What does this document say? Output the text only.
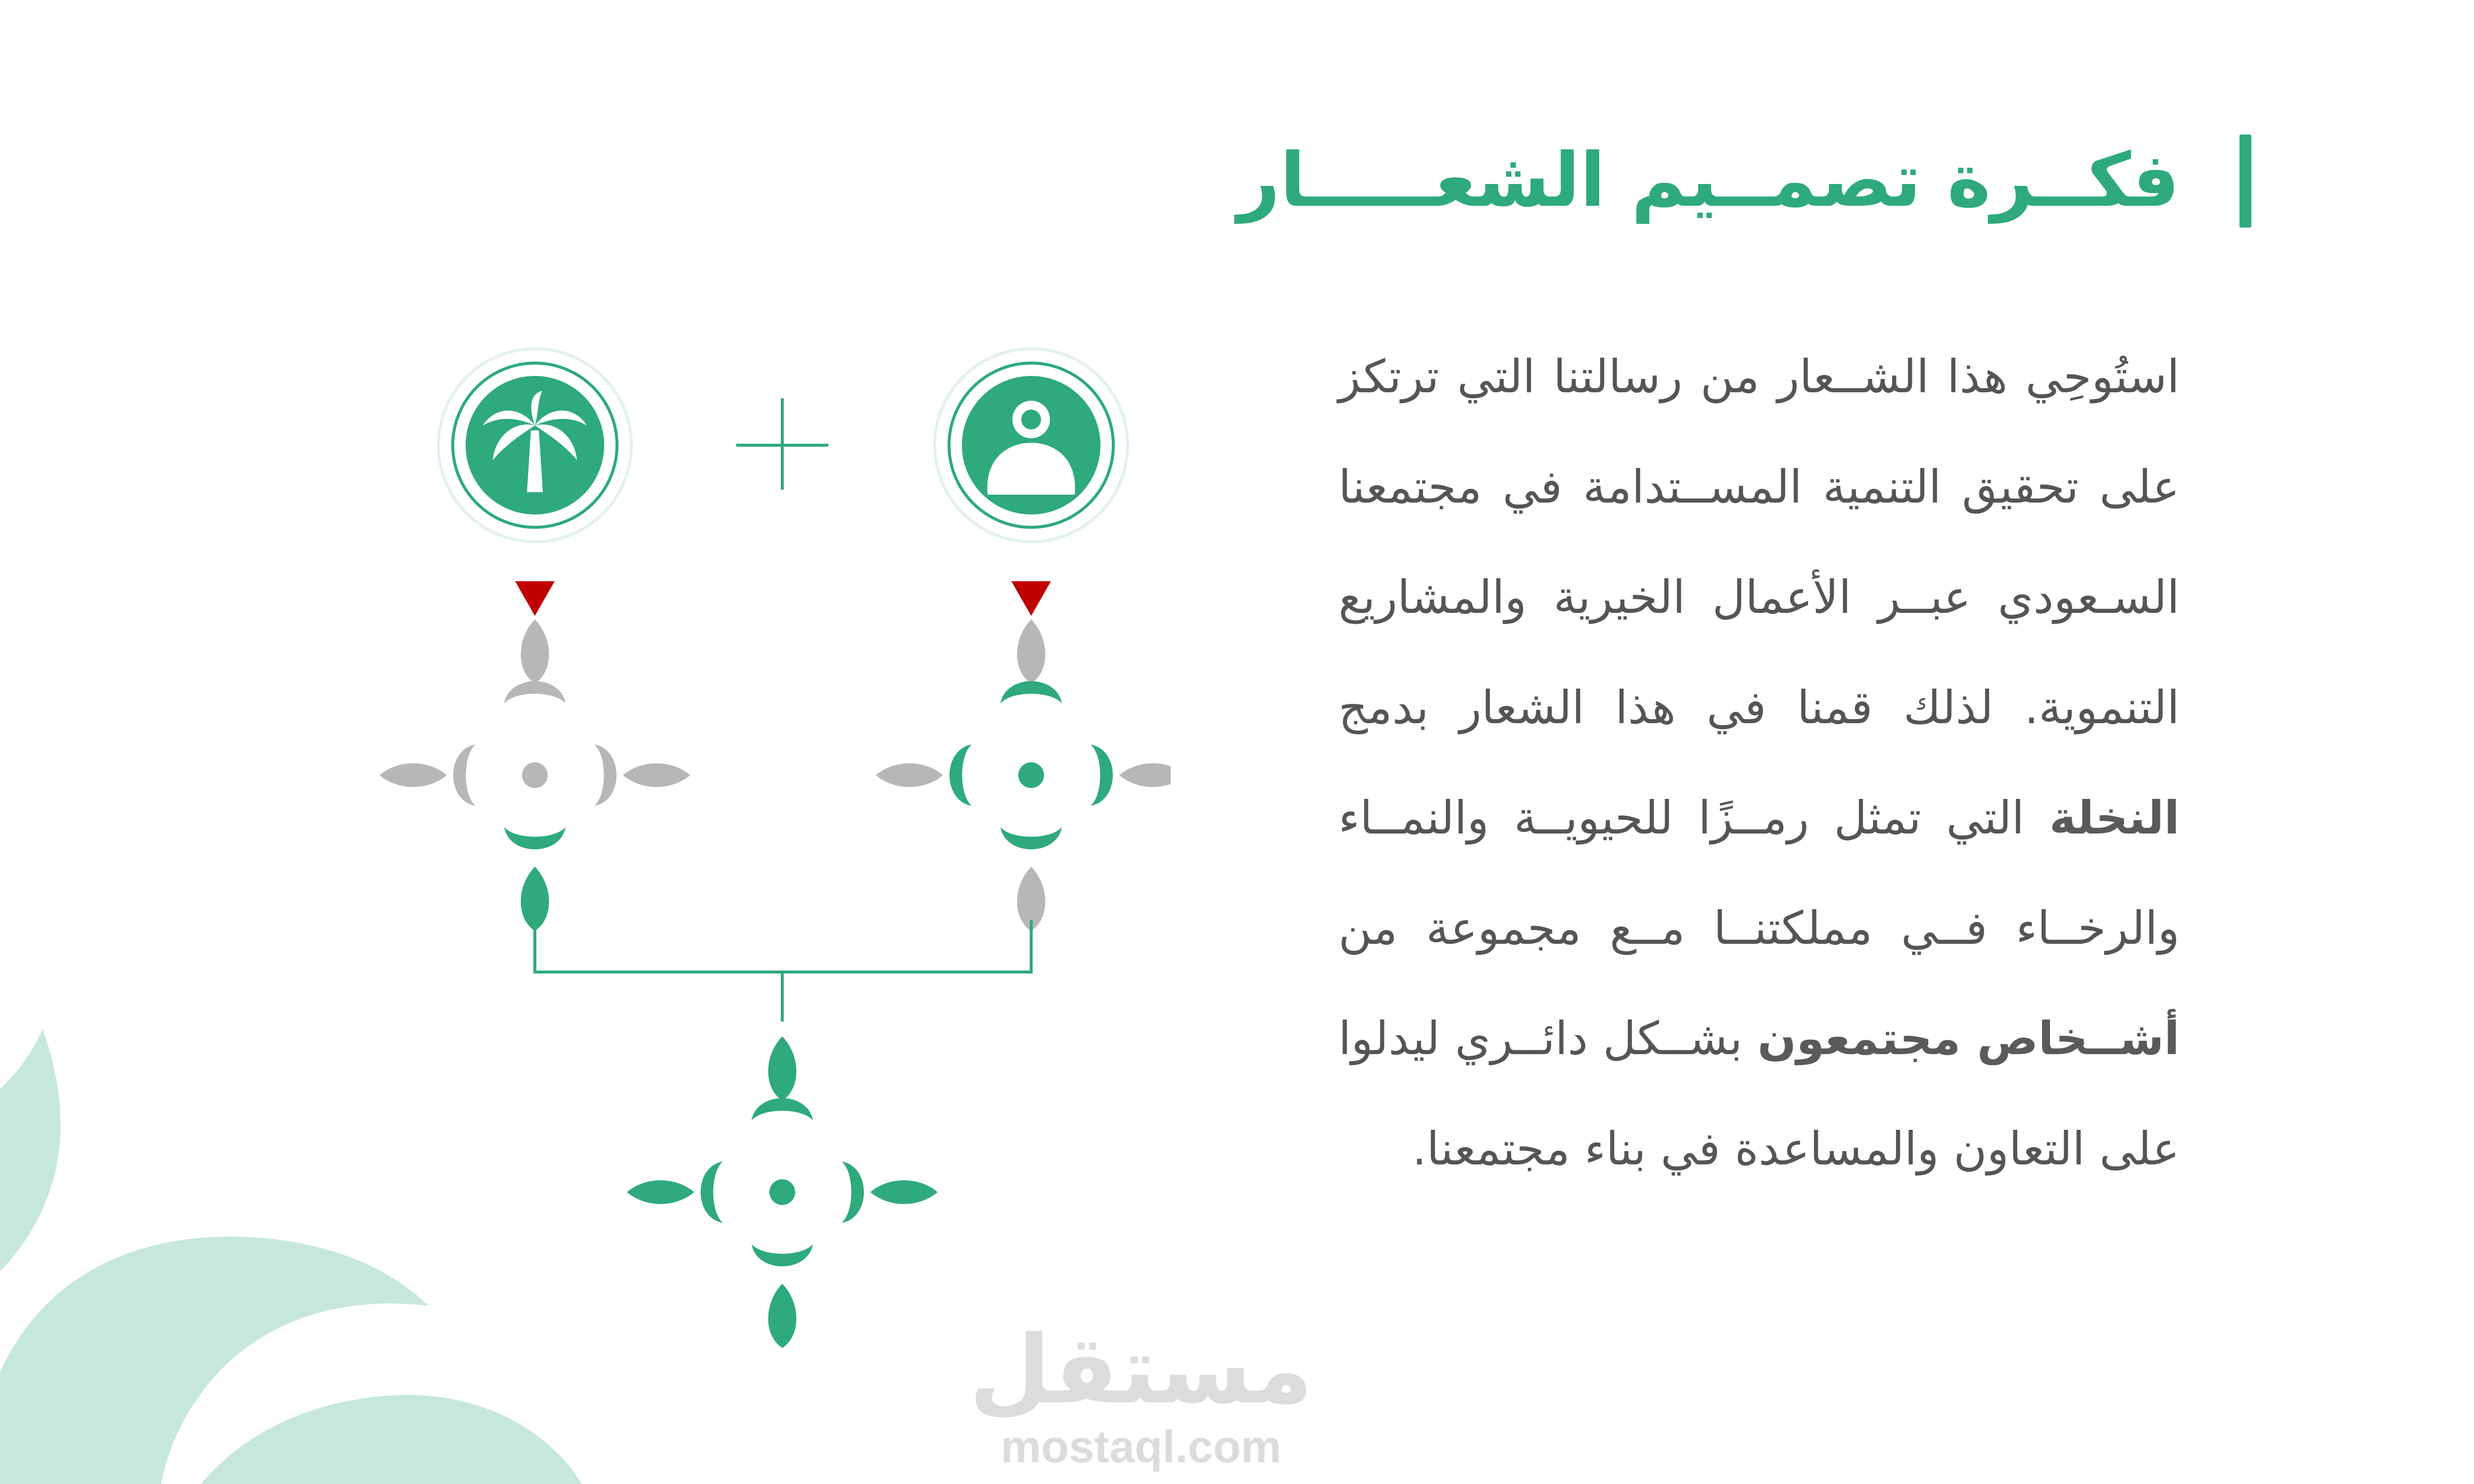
فكــرة تصمــيم الشعـــــار

استُوحِي هذا الشــعار من رسالتنا التي ترتكز على تحقيق التنمية المســتدامة في مجتمعنا السـعودي عبــر الأعمال الخيرية والمشاريع التنموية. لذلك قمنا في هذا الشعار بدمج النخلة التي تمثل رمــزًا للحيويــة والنمــاء والرخــاء فــي مملكتنــا مــع مجموعة من أشــخاص مجتمعون بشــكل دائــري ليدلوا على التعاون والمساعدة في بناء مجتمعنا.

مستقل
mostaql.com
